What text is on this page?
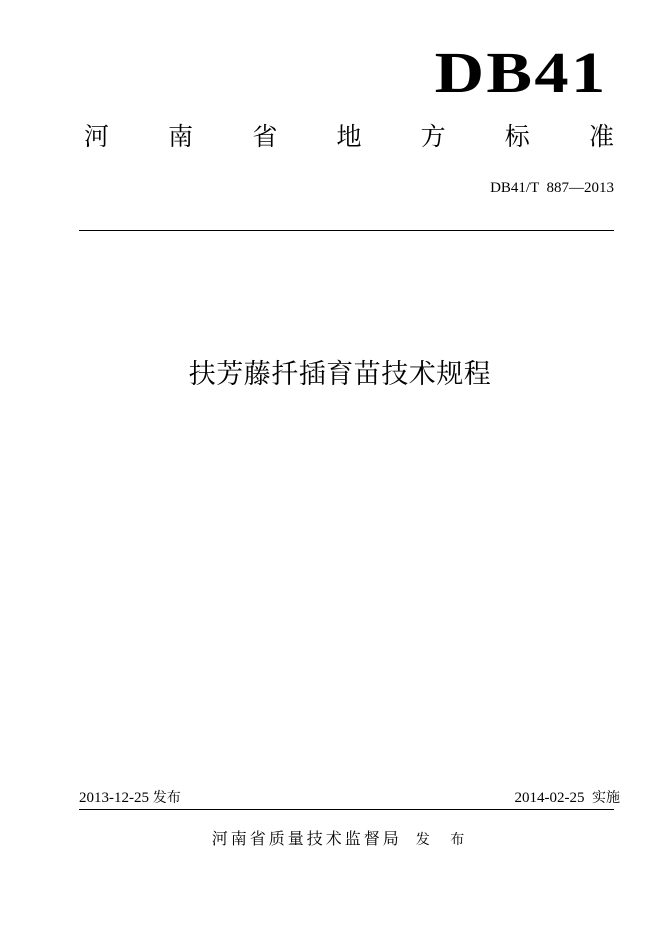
DB41
河 南 省 地 方 标 准
DB41/T  887—2013
扶芳藤扦插育苗技术规程
2013-12-25 发布	2014-02-25 实施
河南省质量技术监督局 发 布
